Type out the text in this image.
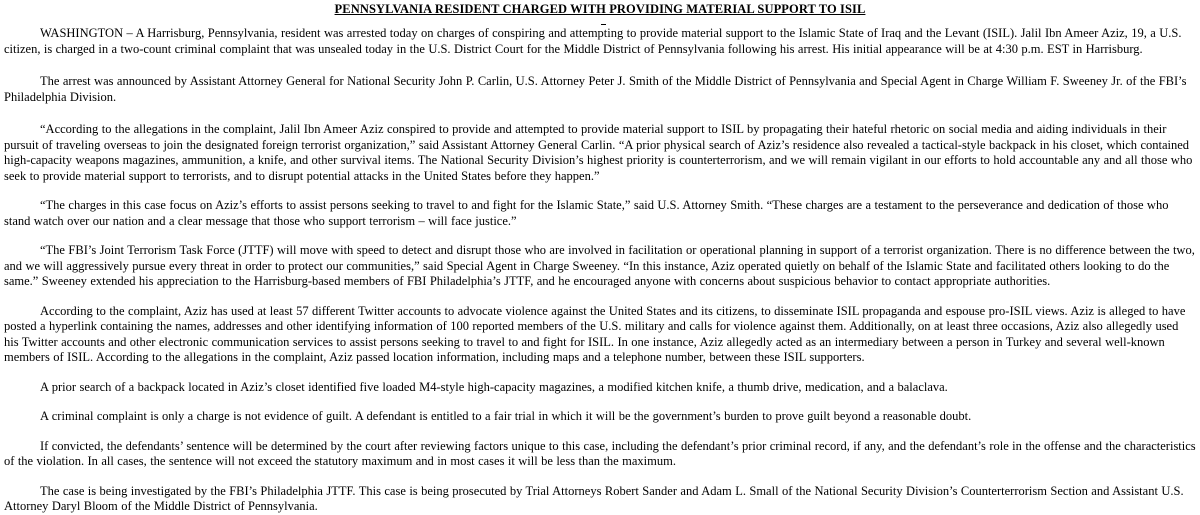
PENNSYLVANIA RESIDENT CHARGED WITH PROVIDING MATERIAL SUPPORT TO ISIL

WASHINGTON – A Harrisburg, Pennsylvania, resident was arrested today on charges of conspiring and attempting to provide material support to the Islamic State of Iraq and the Levant (ISIL). Jalil Ibn Ameer Aziz, 19, a U.S. citizen, is charged in a two-count criminal complaint that was unsealed today in the U.S. District Court for the Middle District of Pennsylvania following his arrest. His initial appearance will be at 4:30 p.m. EST in Harrisburg.

The arrest was announced by Assistant Attorney General for National Security John P. Carlin, U.S. Attorney Peter J. Smith of the Middle District of Pennsylvania and Special Agent in Charge William F. Sweeney Jr. of the FBI’s Philadelphia Division.

“According to the allegations in the complaint, Jalil Ibn Ameer Aziz conspired to provide and attempted to provide material support to ISIL by propagating their hateful rhetoric on social media and aiding individuals in their pursuit of traveling overseas to join the designated foreign terrorist organization,” said Assistant Attorney General Carlin. “A prior physical search of Aziz’s residence also revealed a tactical-style backpack in his closet, which contained high-capacity weapons magazines, ammunition, a knife, and other survival items. The National Security Division’s highest priority is counterterrorism, and we will remain vigilant in our efforts to hold accountable any and all those who seek to provide material support to terrorists, and to disrupt potential attacks in the United States before they happen.”

“The charges in this case focus on Aziz’s efforts to assist persons seeking to travel to and fight for the Islamic State,” said U.S. Attorney Smith. “These charges are a testament to the perseverance and dedication of those who stand watch over our nation and a clear message that those who support terrorism – will face justice.”

“The FBI’s Joint Terrorism Task Force (JTTF) will move with speed to detect and disrupt those who are involved in facilitation or operational planning in support of a terrorist organization. There is no difference between the two, and we will aggressively pursue every threat in order to protect our communities,” said Special Agent in Charge Sweeney. “In this instance, Aziz operated quietly on behalf of the Islamic State and facilitated others looking to do the same.” Sweeney extended his appreciation to the Harrisburg-based members of FBI Philadelphia’s JTTF, and he encouraged anyone with concerns about suspicious behavior to contact appropriate authorities.

According to the complaint, Aziz has used at least 57 different Twitter accounts to advocate violence against the United States and its citizens, to disseminate ISIL propaganda and espouse pro-ISIL views. Aziz is alleged to have posted a hyperlink containing the names, addresses and other identifying information of 100 reported members of the U.S. military and calls for violence against them. Additionally, on at least three occasions, Aziz also allegedly used his Twitter accounts and other electronic communication services to assist persons seeking to travel to and fight for ISIL. In one instance, Aziz allegedly acted as an intermediary between a person in Turkey and several well-known members of ISIL. According to the allegations in the complaint, Aziz passed location information, including maps and a telephone number, between these ISIL supporters.

A prior search of a backpack located in Aziz’s closet identified five loaded M4-style high-capacity magazines, a modified kitchen knife, a thumb drive, medication, and a balaclava.

A criminal complaint is only a charge is not evidence of guilt. A defendant is entitled to a fair trial in which it will be the government’s burden to prove guilt beyond a reasonable doubt.

If convicted, the defendants’ sentence will be determined by the court after reviewing factors unique to this case, including the defendant’s prior criminal record, if any, and the defendant’s role in the offense and the characteristics of the violation. In all cases, the sentence will not exceed the statutory maximum and in most cases it will be less than the maximum.

The case is being investigated by the FBI’s Philadelphia JTTF. This case is being prosecuted by Trial Attorneys Robert Sander and Adam L. Small of the National Security Division’s Counterterrorism Section and Assistant U.S. Attorney Daryl Bloom of the Middle District of Pennsylvania.
